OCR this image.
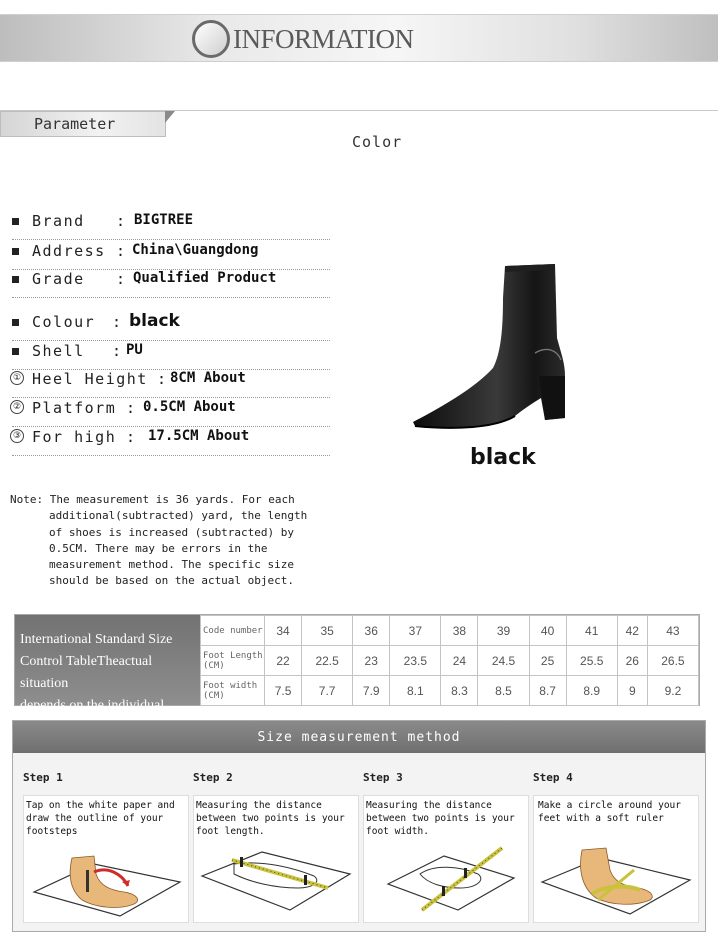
INFORMATION
Parameter
Color
Brand : BIGTREE
Address : China\Guangdong
Grade : Qualified Product
Colour : black
Shell : PU
① Heel Height : 8CM About
② Platform : 0.5CM About
③ For high : 17.5CM About
black
Note: The measurement is 36 yards. For each
additional(subtracted) yard, the length
of shoes is increased (subtracted) by
0.5CM. There may be errors in the
measurement method. The specific size
should be based on the actual object.
International Standard Size
Control TableTheactual situation
depends on the individual.
Code number	34	35	36	37	38	39	40	41	42	43
Foot Length (CM)	22	22.5	23	23.5	24	24.5	25	25.5	26	26.5
Foot width (CM)	7.5	7.7	7.9	8.1	8.3	8.5	8.7	8.9	9	9.2
Size measurement method
Step 1
Tap on the white paper and draw the outline of your footsteps
Step 2
Measuring the distance between two points is your foot length.
Step 3
Measuring the distance between two points is your foot width.
Step 4
Make a circle around your feet with a soft ruler
